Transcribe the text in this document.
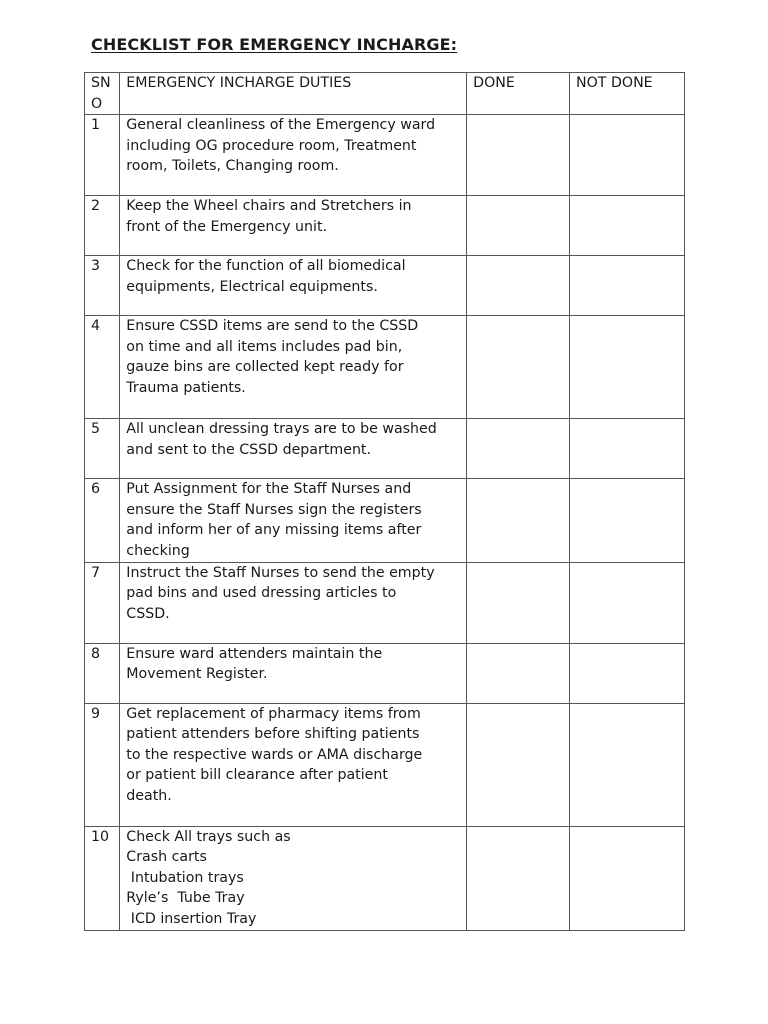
CHECKLIST FOR EMERGENCY INCHARGE:
SN
O	EMERGENCY INCHARGE DUTIES	DONE	NOT DONE
1	General cleanliness of the Emergency ward
including OG procedure room, Treatment
room, Toilets, Changing room.		

2	Keep the Wheel chairs and Stretchers in
front of the Emergency unit.		

3	Check for the function of all biomedical
equipments, Electrical equipments.		

4	Ensure CSSD items are send to the CSSD
on time and all items includes pad bin,
gauze bins are collected kept ready for
Trauma patients.		

5	All unclean dressing trays are to be washed
and sent to the CSSD department.		

6	Put Assignment for the Staff Nurses and
ensure the Staff Nurses sign the registers
and inform her of any missing items after
checking		

7	Instruct the Staff Nurses to send the empty
pad bins and used dressing articles to
CSSD.		

8	Ensure ward attenders maintain the
Movement Register.		

9	Get replacement of pharmacy items from
patient attenders before shifting patients
to the respective wards or AMA discharge
or patient bill clearance after patient
death.		

10	Check All trays such as
Crash carts
Intubation trays
Ryle’s  Tube Tray
ICD insertion Tray		
